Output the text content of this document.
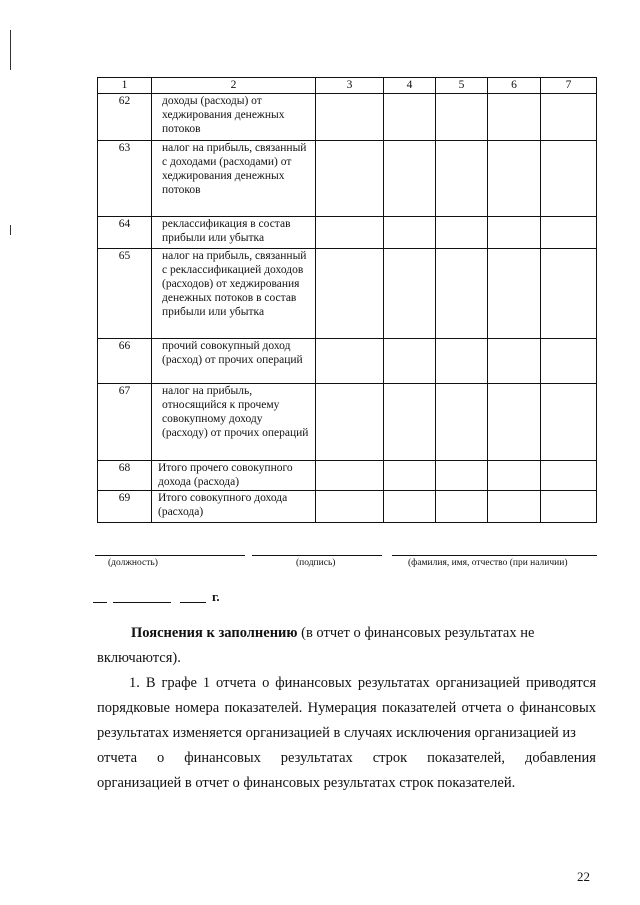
1	2	3	4	5	6	7
62	доходы (расходы) от хеджирования денежных потоков					
63	налог на прибыль, связанный с доходами (расходами) от хеджирования денежных потоков					
64	реклассификация в состав прибыли или убытка					
65	налог на прибыль, связанный с реклассификацией доходов (расходов) от хеджирования денежных потоков в состав прибыли или убытка					
66	прочий совокупный доход (расход) от прочих операций					
67	налог на прибыль, относящийся к прочему совокупному доходу (расходу) от прочих операций					
68	Итого прочего совокупного дохода (расхода)					
69	Итого совокупного дохода (расхода)					
(должность)	(подпись)	(фамилия, имя, отчество (при наличии)
г.

Пояснения к заполнению (в отчет о финансовых результатах не

включаются).

1. В графе 1 отчета о финансовых результатах организацией приводятся порядковые номера показателей. Нумерация показателей отчета о финансовых результатах изменяется организацией в случаях исключения организацией из

отчета о финансовых результатах строк показателей, добавления

организацией в отчет о финансовых результатах строк показателей.

22
